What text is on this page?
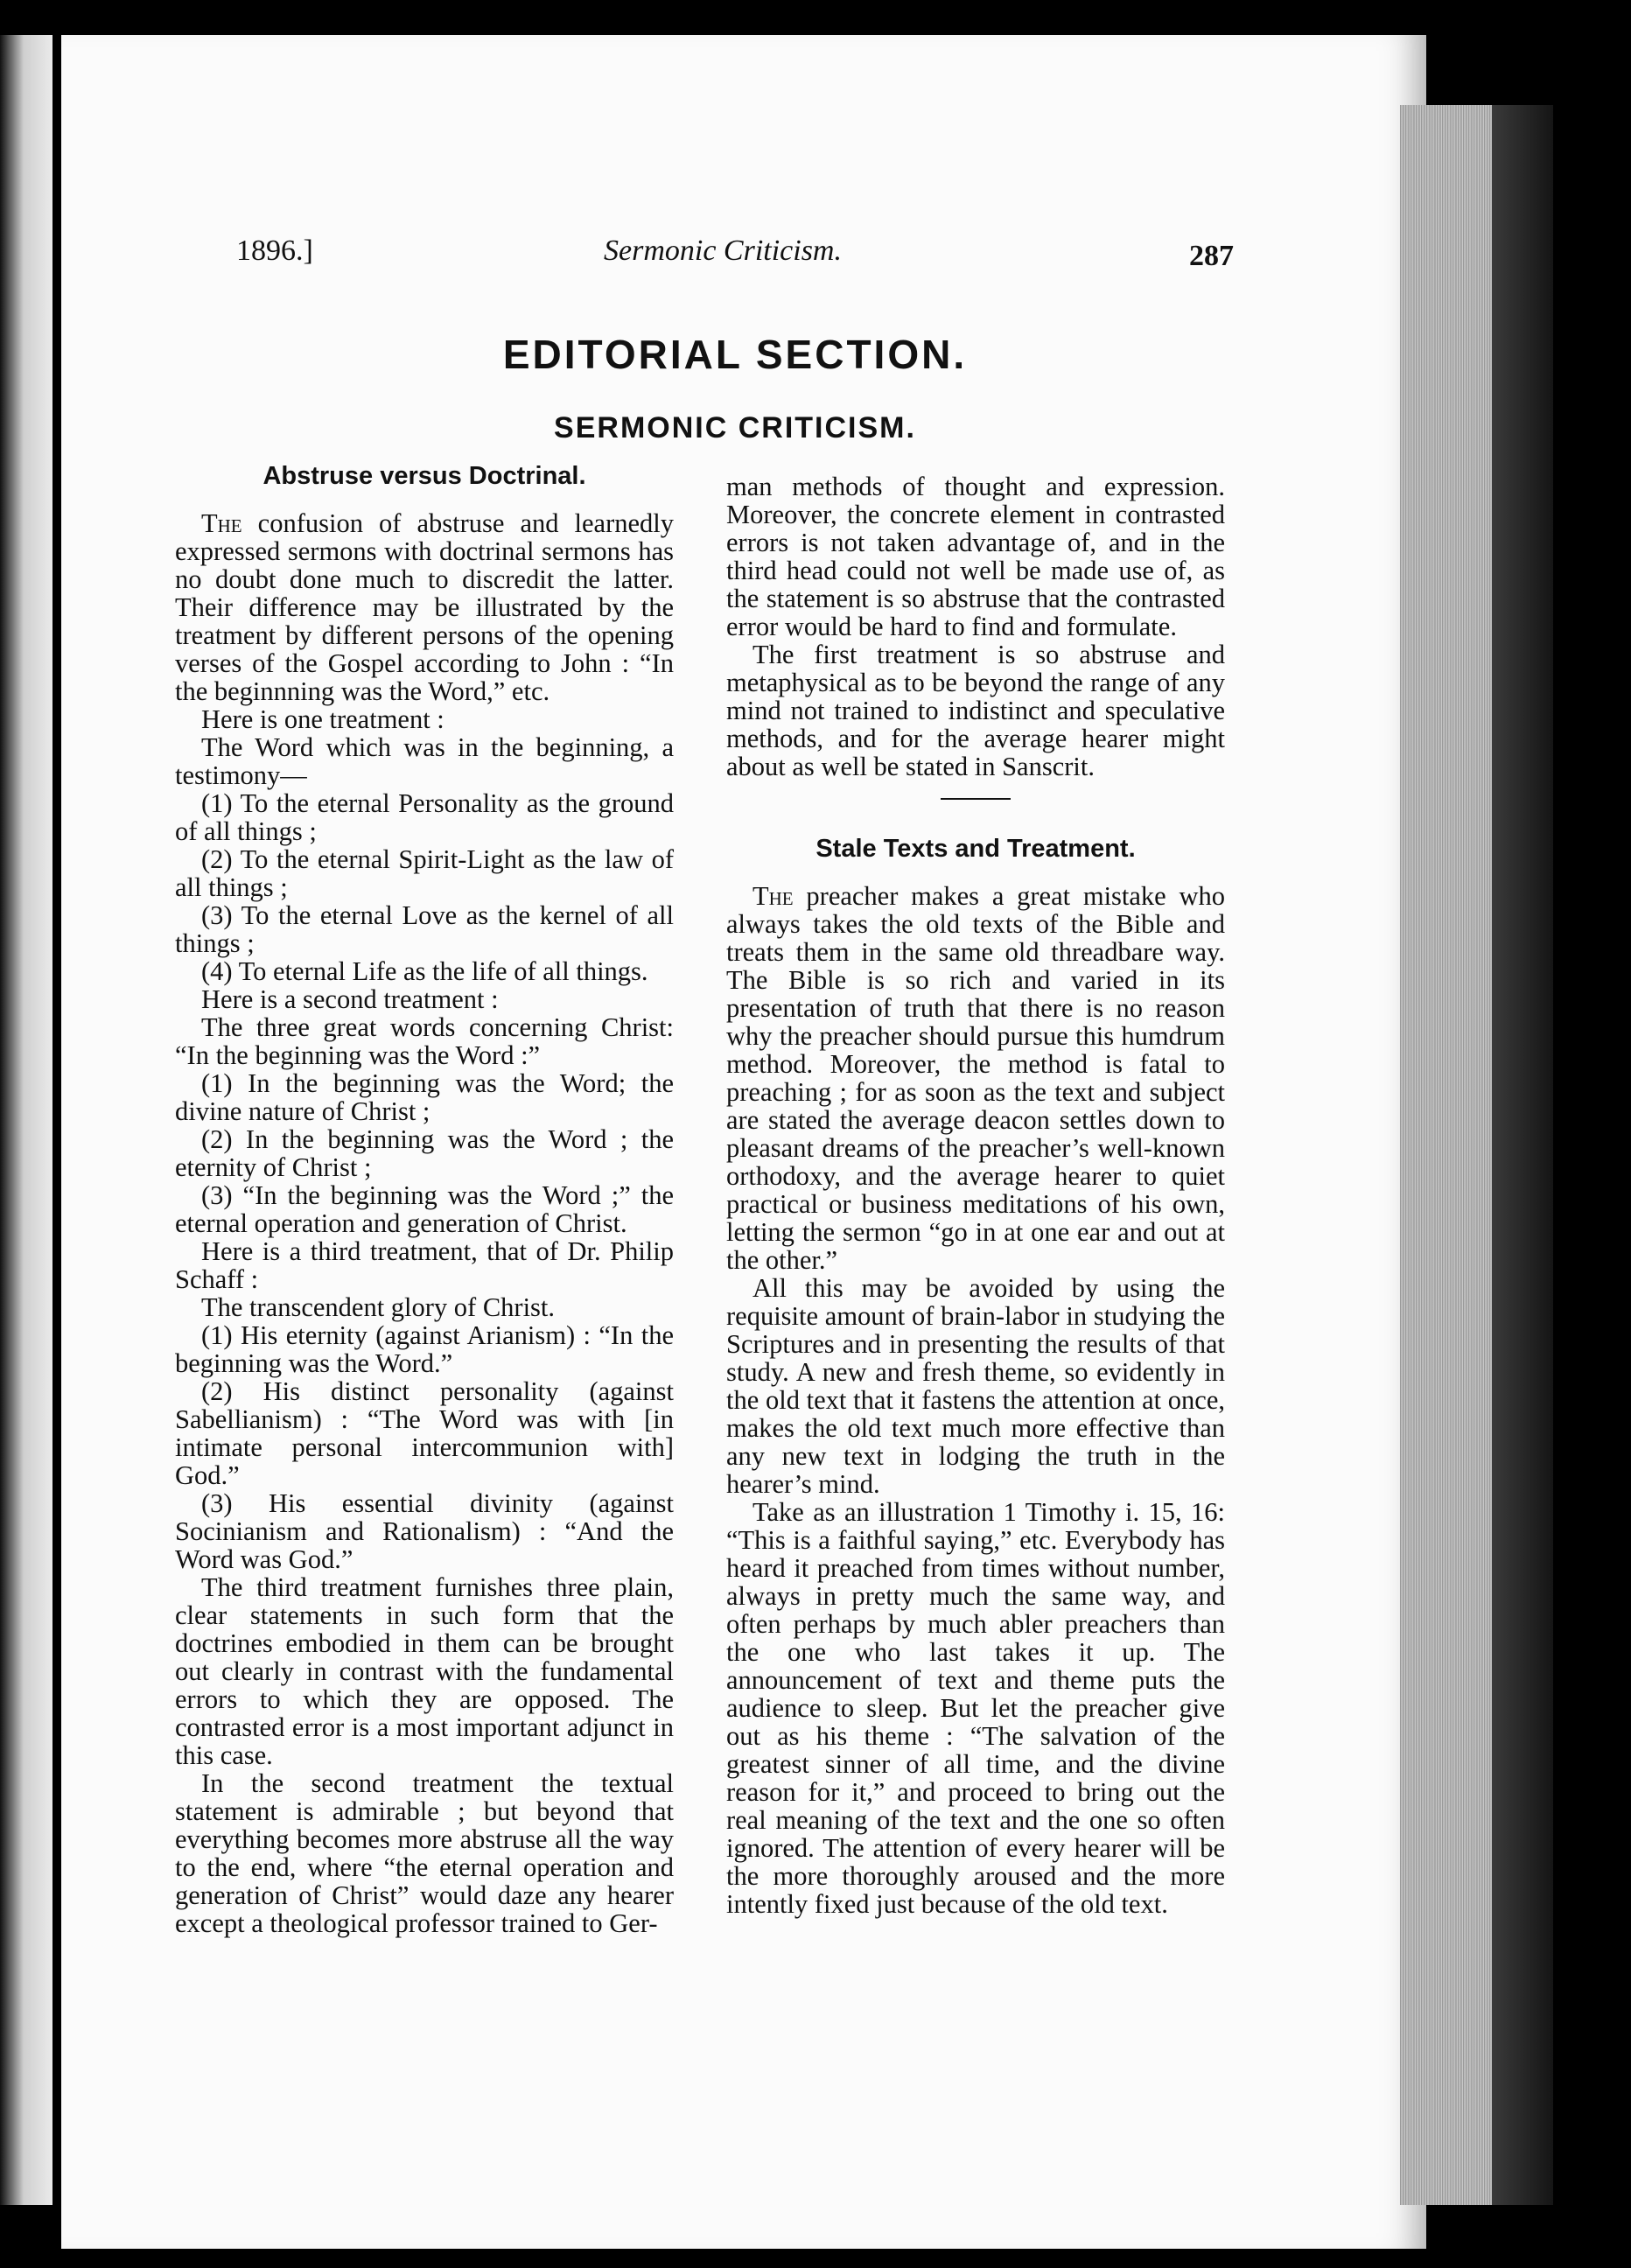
1896.]	Sermonic Criticism.	287
EDITORIAL SECTION.
SERMONIC CRITICISM.

Abstruse versus Doctrinal.

The confusion of abstruse and learnedly expressed sermons with doctrinal sermons has no doubt done much to discredit the latter. Their difference may be illustrated by the treatment by different persons of the opening verses of the Gospel according to John : “In the beginnning was the Word,” etc.

Here is one treatment :

The Word which was in the beginning, a testimony—

(1) To the eternal Personality as the ground of all things ;

(2) To the eternal Spirit-Light as the law of all things ;

(3) To the eternal Love as the kernel of all things ;

(4) To eternal Life as the life of all things.

Here is a second treatment :

The three great words concerning Christ: “In the beginning was the Word :”

(1) In the beginning was the Word; the divine nature of Christ ;

(2) In the beginning was the Word ; the eternity of Christ ;

(3) “In the beginning was the Word ;” the eternal operation and generation of Christ.

Here is a third treatment, that of Dr. Philip Schaff :

The transcendent glory of Christ.

(1) His eternity (against Arianism) : “In the beginning was the Word.”

(2) His distinct personality (against Sabellianism) : “The Word was with [in intimate personal intercommunion with] God.”

(3) His essential divinity (against Socinianism and Rationalism) : “And the Word was God.”

The third treatment furnishes three plain, clear statements in such form that the doctrines embodied in them can be brought out clearly in contrast with the fundamental errors to which they are opposed. The contrasted error is a most important adjunct in this case.

In the second treatment the textual statement is admirable ; but beyond that everything becomes more abstruse all the way to the end, where “the eternal operation and generation of Christ” would daze any hearer except a theological professor trained to Ger-

man methods of thought and expression. Moreover, the concrete element in contrasted errors is not taken advantage of, and in the third head could not well be made use of, as the statement is so abstruse that the contrasted error would be hard to find and formulate.

The first treatment is so abstruse and metaphysical as to be beyond the range of any mind not trained to indistinct and speculative methods, and for the average hearer might about as well be stated in Sanscrit.

Stale Texts and Treatment.

The preacher makes a great mistake who always takes the old texts of the Bible and treats them in the same old threadbare way. The Bible is so rich and varied in its presentation of truth that there is no reason why the preacher should pursue this humdrum method. Moreover, the method is fatal to preaching ; for as soon as the text and subject are stated the average deacon settles down to pleasant dreams of the preacher’s well-known orthodoxy, and the average hearer to quiet practical or business meditations of his own, letting the sermon “go in at one ear and out at the other.”

All this may be avoided by using the requisite amount of brain-labor in studying the Scriptures and in presenting the results of that study. A new and fresh theme, so evidently in the old text that it fastens the attention at once, makes the old text much more effective than any new text in lodging the truth in the hearer’s mind.

Take as an illustration 1 Timothy i. 15, 16: “This is a faithful saying,” etc. Everybody has heard it preached from times without number, always in pretty much the same way, and often perhaps by much abler preachers than the one who last takes it up. The announcement of text and theme puts the audience to sleep. But let the preacher give out as his theme : “The salvation of the greatest sinner of all time, and the divine reason for it,” and proceed to bring out the real meaning of the text and the one so often ignored. The attention of every hearer will be the more thoroughly aroused and the more intently fixed just because of the old text.
